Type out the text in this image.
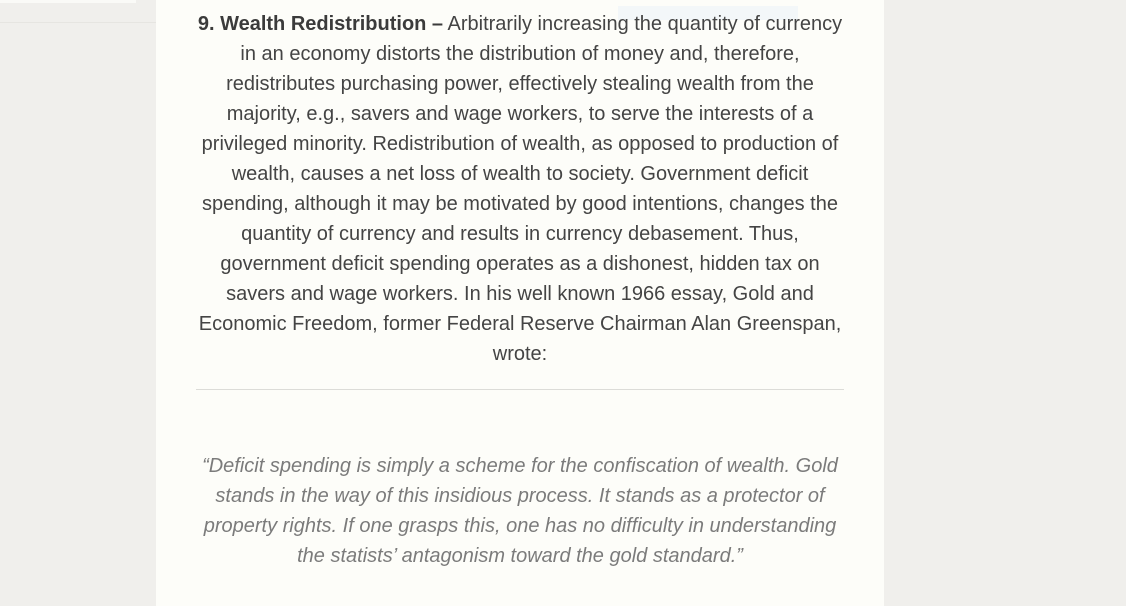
9. Wealth Redistribution – Arbitrarily increasing the quantity of currency in an economy distorts the distribution of money and, therefore, redistributes purchasing power, effectively stealing wealth from the majority, e.g., savers and wage workers, to serve the interests of a privileged minority. Redistribution of wealth, as opposed to production of wealth, causes a net loss of wealth to society. Government deficit spending, although it may be motivated by good intentions, changes the quantity of currency and results in currency debasement. Thus, government deficit spending operates as a dishonest, hidden tax on savers and wage workers. In his well known 1966 essay, Gold and Economic Freedom, former Federal Reserve Chairman Alan Greenspan, wrote:

“Deficit spending is simply a scheme for the confiscation of wealth. Gold stands in the way of this insidious process. It stands as a protector of property rights. If one grasps this, one has no difficulty in understanding the statists’ antagonism toward the gold standard.”
